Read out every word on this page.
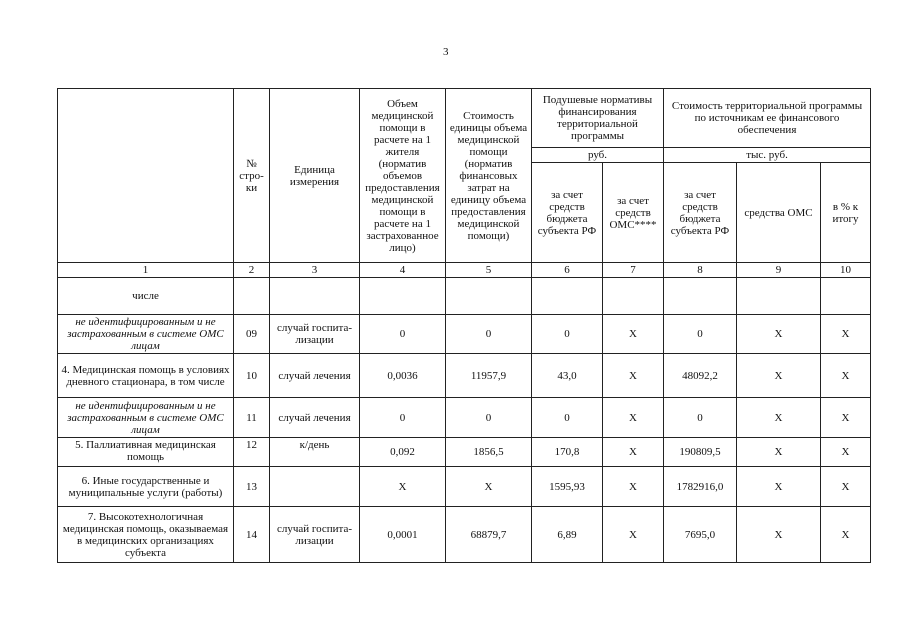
3
	№ стро-ки	Единица измерения	Объем медицинской помощи в расчете на 1 жителя (норматив объемов предоставления медицинской помощи в расчете на 1 застрахованное лицо)	Стоимость единицы объема медицинской помощи (норматив финансовых затрат на единицу объема предоставления медицинской помощи)	Подушевые нормативы финансирования территориальной программы		Стоимость территориальной программы по источникам ее финансового обеспечения		
					руб.		тыс. руб.		
					за счет средств бюджета субъекта РФ	за счет средств ОМС****	за счет средств бюджета субъекта РФ	средства ОМС	в % к итогу
1	2	3	4	5	6	7	8	9	10
числе									
не идентифицированным и не застрахованным в системе ОМС лицам	09	случай госпита-лизации	0	0	0	X	0	X	X
4. Медицинская помощь в условиях дневного стационара, в том числе	10	случай лечения	0,0036	11957,9	43,0	X	48092,2	X	X
не идентифицированным и не застрахованным в системе ОМС лицам	11	случай лечения	0	0	0	X	0	X	X
5. Паллиативная медицинская помощь	12	к/день	0,092	1856,5	170,8	X	190809,5	X	X
6. Иные государственные и муниципальные услуги (работы)	13		X	X	1595,93	X	1782916,0	X	X
7. Высокотехнологичная медицинская помощь, оказываемая в медицинских организациях субъекта	14	случай госпита-лизации	0,0001	68879,7	6,89	X	7695,0	X	X
